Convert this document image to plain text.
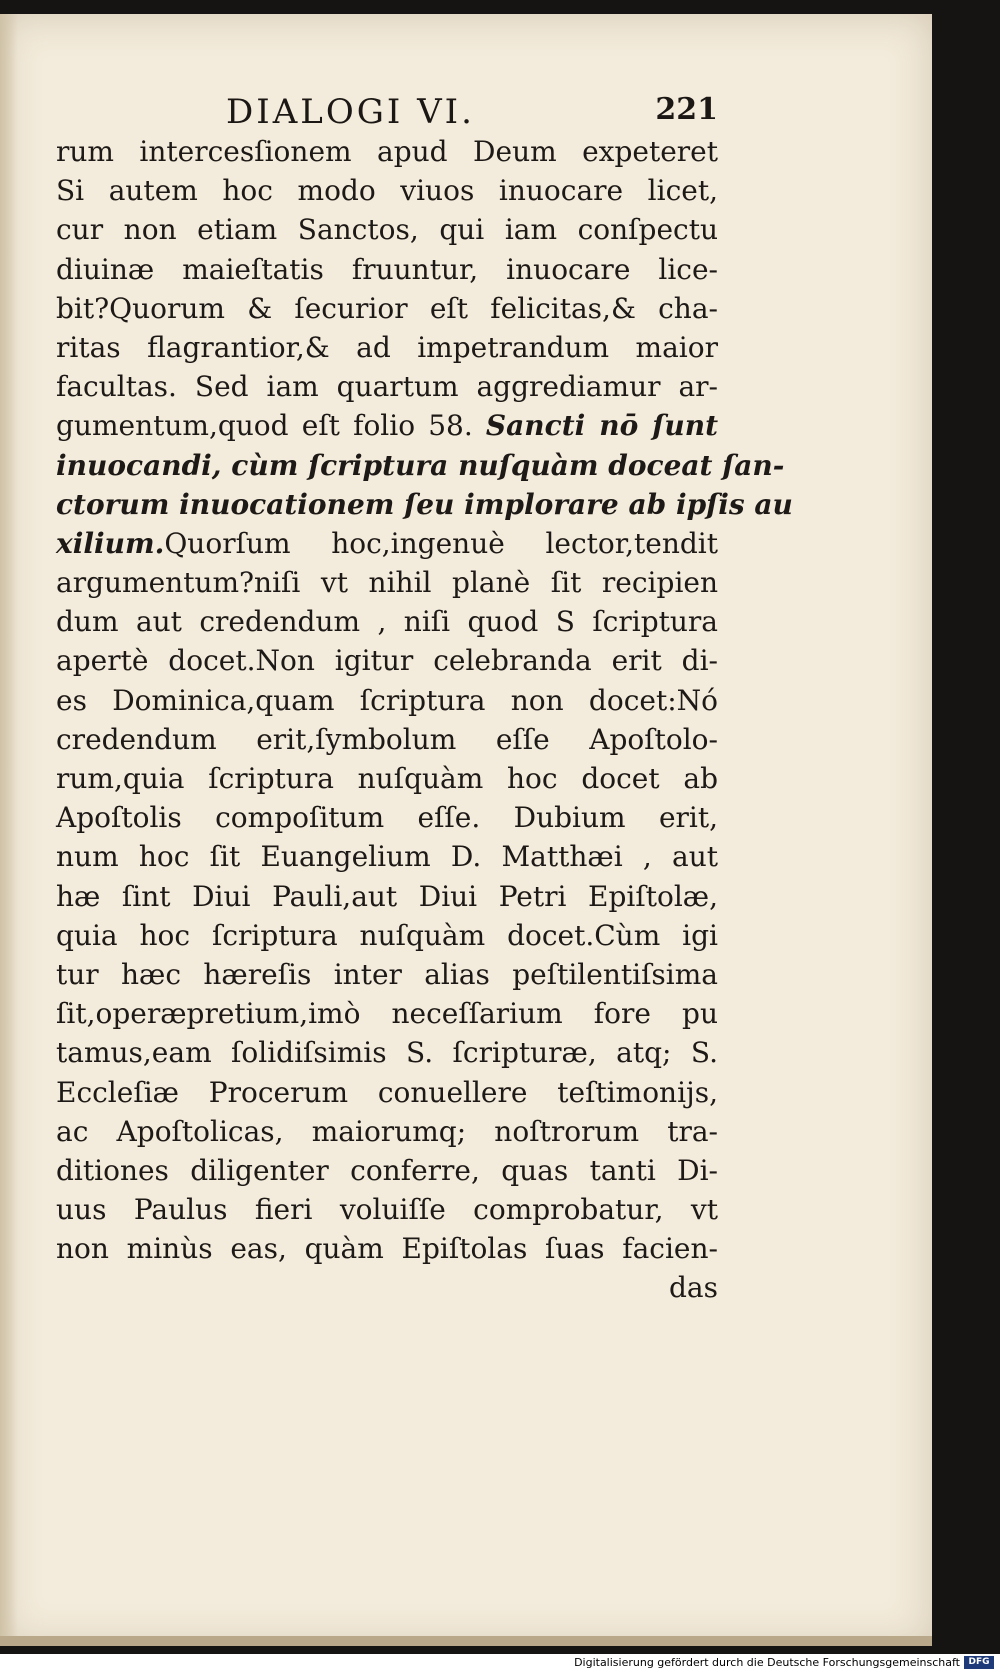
DIALOGI VI.	221
rum intercesſionem apud Deum expeteret
Si autem hoc modo viuos inuocare licet,
cur non etiam Sanctos, qui iam conſpectu
diuinæ maieſtatis fruuntur, inuocare lice-
bit?Quorum & ſecurior eſt felicitas,& cha-
ritas flagrantior,& ad impetrandum maior
facultas. Sed iam quartum aggrediamur ar-
gumentum,quod eſt folio 58. Sancti nō ſunt
inuocandi, cùm ſcriptura nuſquàm doceat ſan-
ctorum inuocationem ſeu implorare ab ipſis au
xilium.Quorſum hoc,ingenuè lector,tendit
argumentum?niſi vt nihil planè ſit recipien
dum aut credendum , niſi quod S ſcriptura
apertè docet.Non igitur celebranda erit di-
es Dominica,quam ſcriptura non docet:Nó
credendum erit,ſymbolum eſſe Apoſtolo-
rum,quia ſcriptura nuſquàm hoc docet ab
Apoſtolis compoſitum eſſe. Dubium erit,
num hoc ſit Euangelium D. Matthæi , aut
hæ ſint Diui Pauli,aut Diui Petri Epiſtolæ,
quia hoc ſcriptura nuſquàm docet.Cùm igi
tur hæc hæreſis inter alias peſtilentiſsima
ſit,operæpretium,imò neceſſarium fore pu
tamus,eam ſolidiſsimis S. ſcripturæ, atq; S.
Eccleſiæ Procerum conuellere teſtimonijs,
ac Apoſtolicas, maiorumq; noſtrorum tra-
ditiones diligenter conferre, quas tanti Di-
uus Paulus fieri voluiſſe comprobatur, vt
non minùs eas, quàm Epiſtolas ſuas facien-
das
Digitalisierung gefördert durch die Deutsche Forschungsgemeinschaft DFG
